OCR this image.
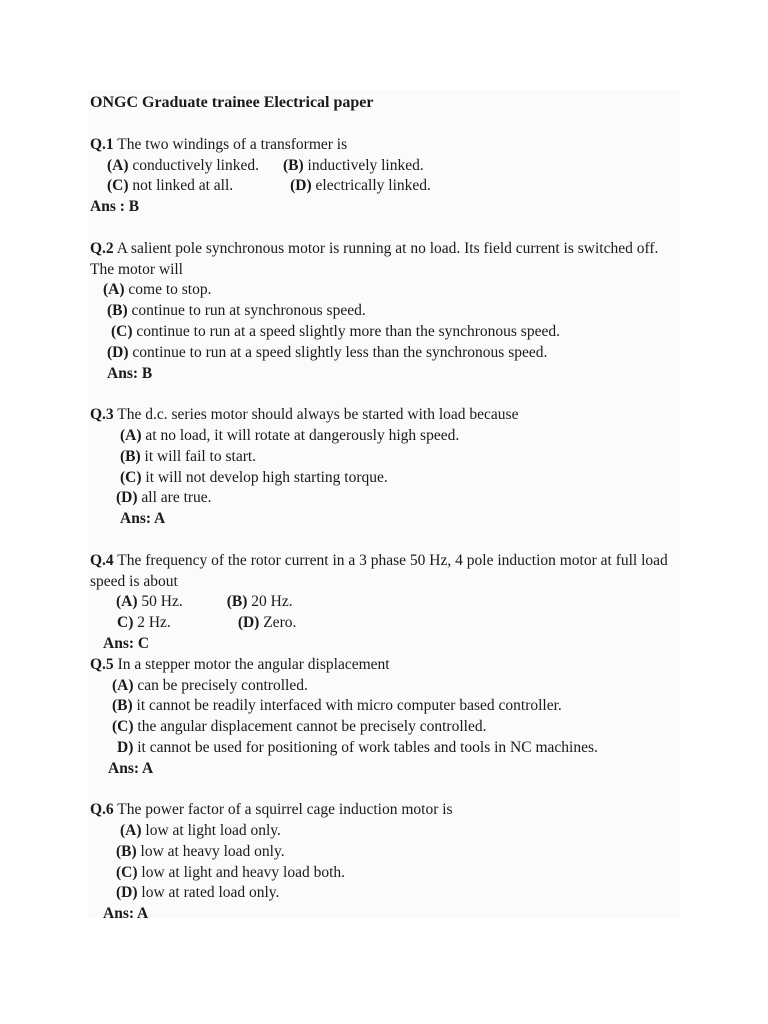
ONGC Graduate trainee Electrical paper
Q.1 The two windings of a transformer is
(A) conductively linked. (B) inductively linked.
(C) not linked at all.	(D) electrically linked.
Ans : B
Q.2 A salient pole synchronous motor is running at no load. Its field current is switched off. The motor will
(A) come to stop.
(B) continue to run at synchronous speed.
(C) continue to run at a speed slightly more than the synchronous speed.
(D) continue to run at a speed slightly less than the synchronous speed.
Ans: B
Q.3 The d.c. series motor should always be started with load because
(A) at no load, it will rotate at dangerously high speed.
(B) it will fail to start.
(C) it will not develop high starting torque.
(D) all are true.
Ans: A
Q.4 The frequency of the rotor current in a 3 phase 50 Hz, 4 pole induction motor at full load speed is about
(A) 50 Hz.	(B) 20 Hz.
C) 2 Hz.	(D) Zero.
Ans: C
Q.5 In a stepper motor the angular displacement
(A) can be precisely controlled.
(B) it cannot be readily interfaced with micro computer based controller.
(C) the angular displacement cannot be precisely controlled.
D) it cannot be used for positioning of work tables and tools in NC machines.
Ans: A
Q.6 The power factor of a squirrel cage induction motor is
(A) low at light load only.
(B) low at heavy load only.
(C) low at light and heavy load both.
(D) low at rated load only.
Ans: A
